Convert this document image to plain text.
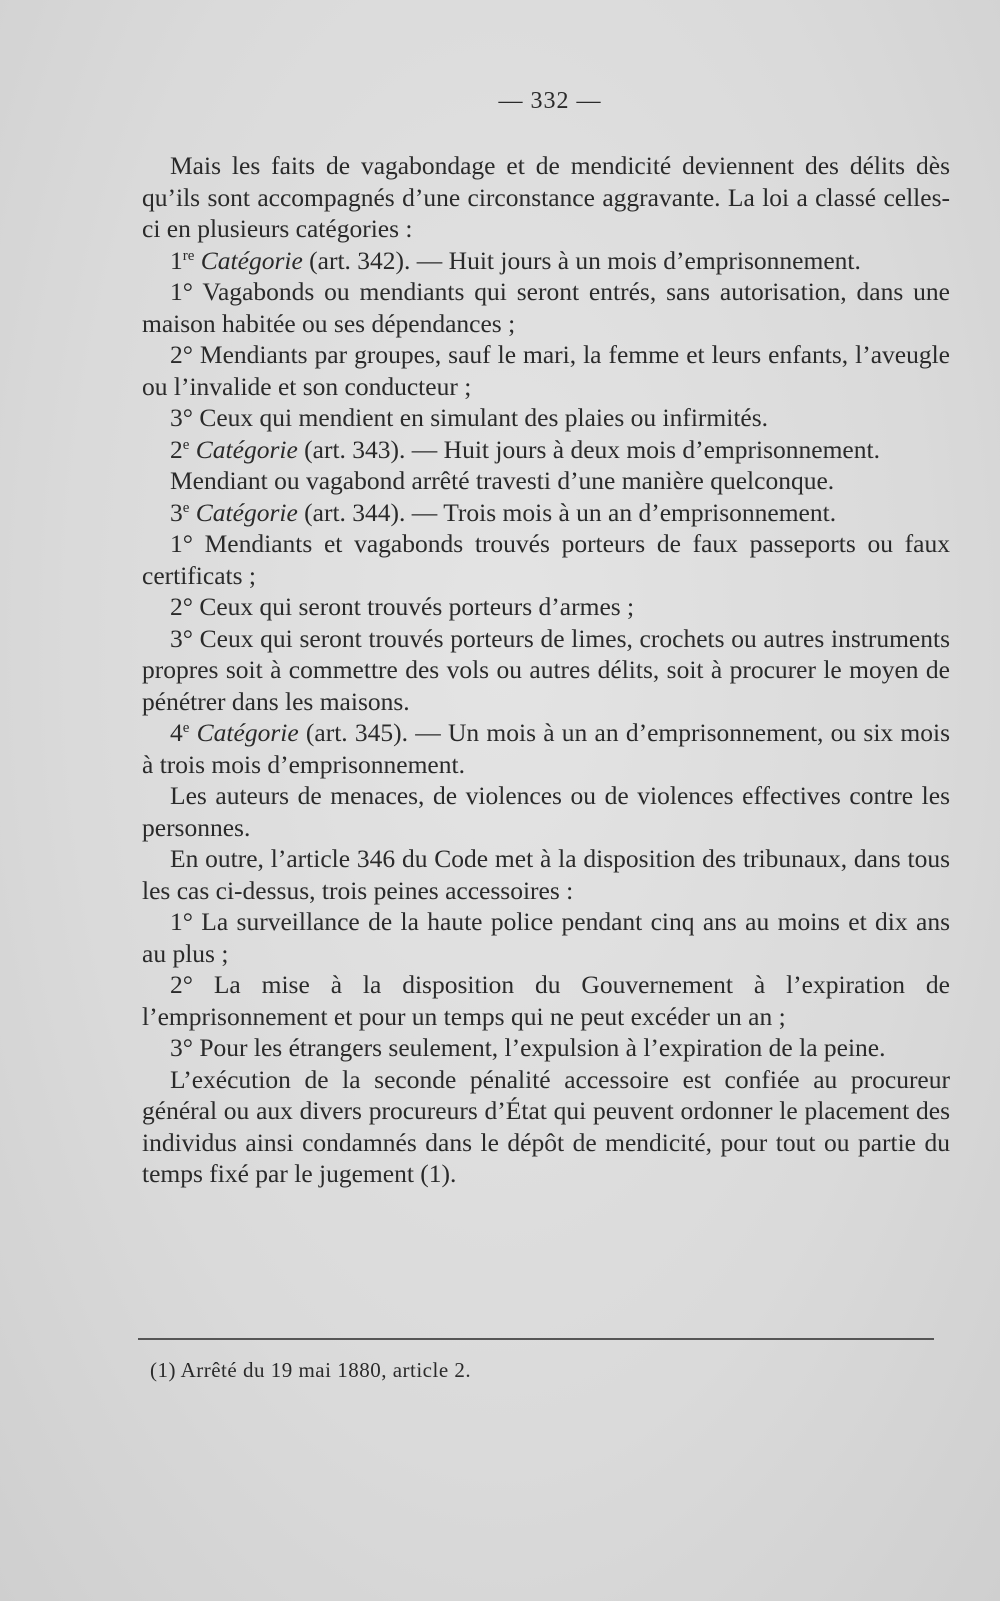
— 332 —

Mais les faits de vagabondage et de mendicité deviennent des délits dès qu’ils sont accompagnés d’une circonstance aggravante. La loi a classé celles-ci en plusieurs catégories :

1re Catégorie (art. 342). — Huit jours à un mois d’emprisonnement.

1° Vagabonds ou mendiants qui seront entrés, sans autorisation, dans une maison habitée ou ses dépendances ;

2° Mendiants par groupes, sauf le mari, la femme et leurs enfants, l’aveugle ou l’invalide et son conducteur ;

3° Ceux qui mendient en simulant des plaies ou infirmités.

2e Catégorie (art. 343). — Huit jours à deux mois d’emprisonnement.

Mendiant ou vagabond arrêté travesti d’une manière quelconque.

3e Catégorie (art. 344). — Trois mois à un an d’emprisonnement.

1° Mendiants et vagabonds trouvés porteurs de faux passeports ou faux certificats ;

2° Ceux qui seront trouvés porteurs d’armes ;

3° Ceux qui seront trouvés porteurs de limes, crochets ou autres instruments propres soit à commettre des vols ou autres délits, soit à procurer le moyen de pénétrer dans les maisons.

4e Catégorie (art. 345). — Un mois à un an d’emprisonnement, ou six mois à trois mois d’emprisonnement.

Les auteurs de menaces, de violences ou de violences effectives contre les personnes.

En outre, l’article 346 du Code met à la disposition des tribunaux, dans tous les cas ci-dessus, trois peines accessoires :

1° La surveillance de la haute police pendant cinq ans au moins et dix ans au plus ;

2° La mise à la disposition du Gouvernement à l’expiration de l’emprisonnement et pour un temps qui ne peut excéder un an ;

3° Pour les étrangers seulement, l’expulsion à l’expiration de la peine.

L’exécution de la seconde pénalité accessoire est confiée au procureur général ou aux divers procureurs d’État qui peuvent ordonner le placement des individus ainsi condamnés dans le dépôt de mendicité, pour tout ou partie du temps fixé par le jugement (1).

(1) Arrêté du 19 mai 1880, article 2.
